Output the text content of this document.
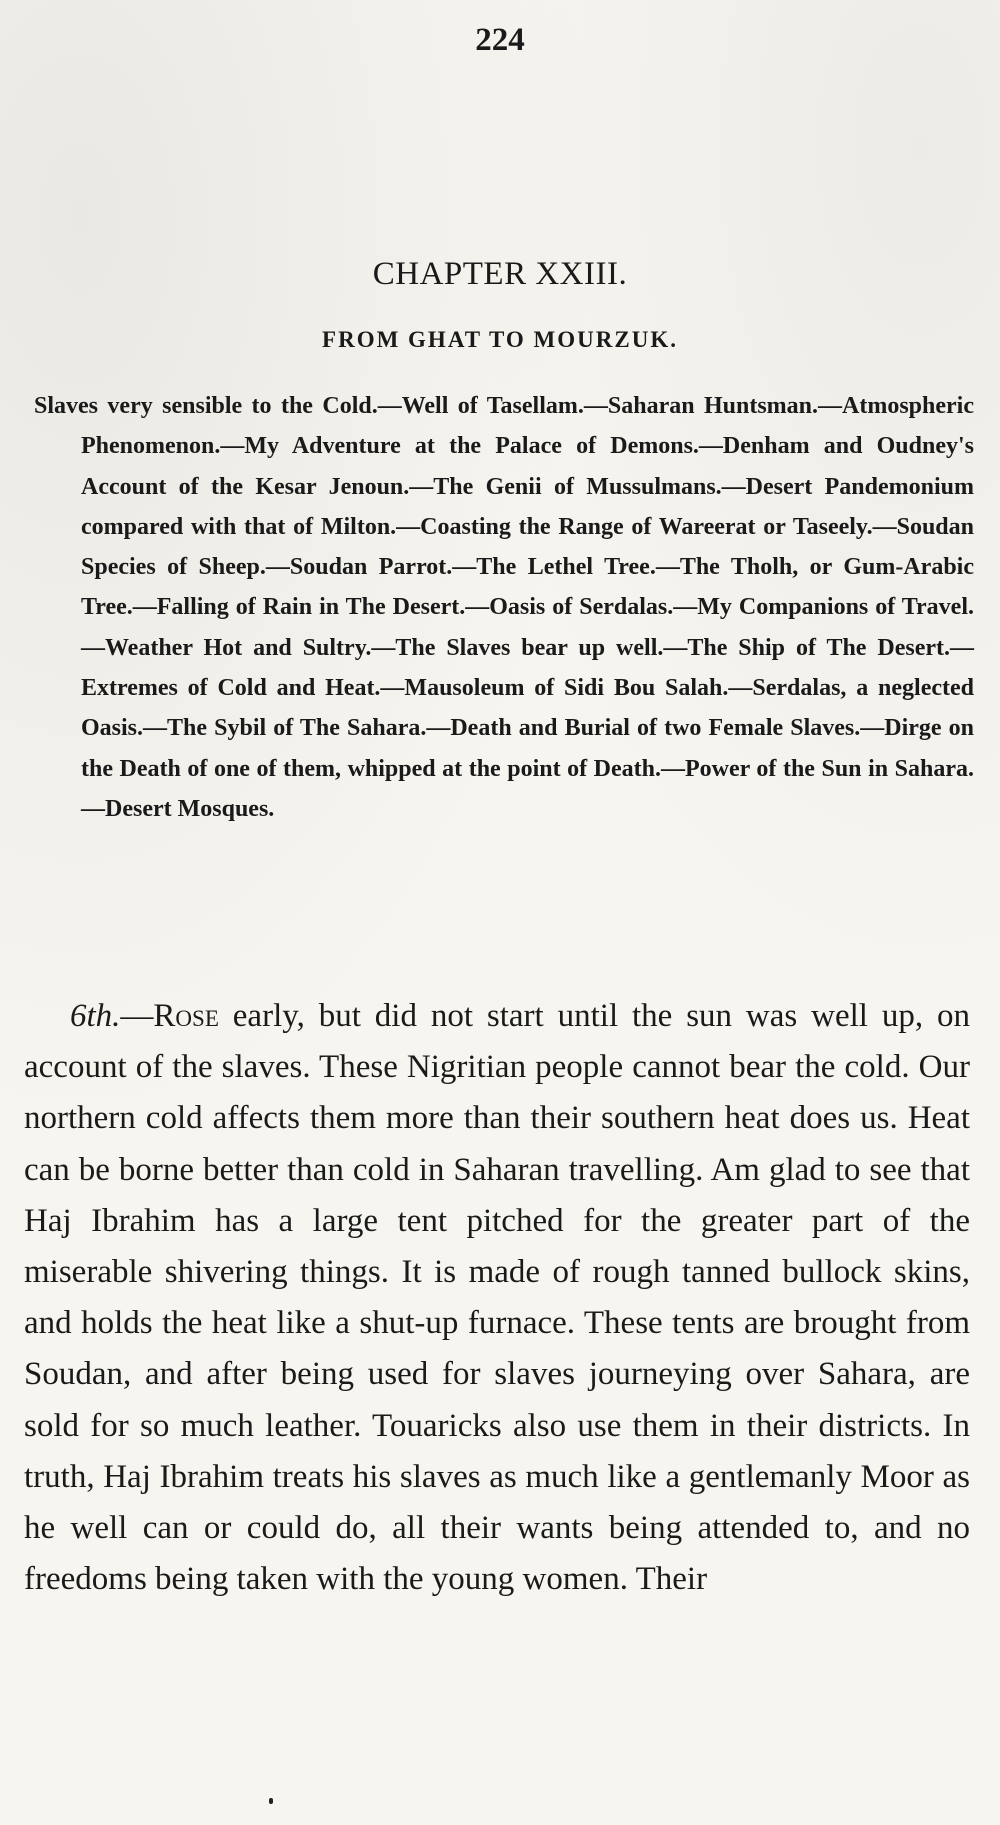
224
CHAPTER XXIII.
FROM GHAT TO MOURZUK.
Slaves very sensible to the Cold.—Well of Tasellam.—Saharan Huntsman.—Atmospheric Phenomenon.—My Adventure at the Palace of Demons.—Denham and Oudney's Account of the Kesar Jenoun.—The Genii of Mussulmans.—Desert Pandemonium compared with that of Milton.—Coasting the Range of Wareerat or Taseely.—Soudan Species of Sheep.—Soudan Parrot.—The Lethel Tree.—The Tholh, or Gum-Arabic Tree.—Falling of Rain in The Desert.—Oasis of Serdalas.—My Companions of Travel.—Weather Hot and Sultry.—The Slaves bear up well.—The Ship of The Desert.—Extremes of Cold and Heat.—Mausoleum of Sidi Bou Salah.—Serdalas, a neglected Oasis.—The Sybil of The Sahara.—Death and Burial of two Female Slaves.—Dirge on the Death of one of them, whipped at the point of Death.—Power of the Sun in Sahara.—Desert Mosques.
6th.—Rose early, but did not start until the sun was well up, on account of the slaves. These Nigritian people cannot bear the cold. Our northern cold affects them more than their southern heat does us. Heat can be borne better than cold in Saharan travelling. Am glad to see that Haj Ibrahim has a large tent pitched for the greater part of the miserable shivering things. It is made of rough tanned bullock skins, and holds the heat like a shut-up furnace. These tents are brought from Soudan, and after being used for slaves journeying over Sahara, are sold for so much leather. Touaricks also use them in their districts. In truth, Haj Ibrahim treats his slaves as much like a gentlemanly Moor as he well can or could do, all their wants being attended to, and no freedoms being taken with the young women. Their
